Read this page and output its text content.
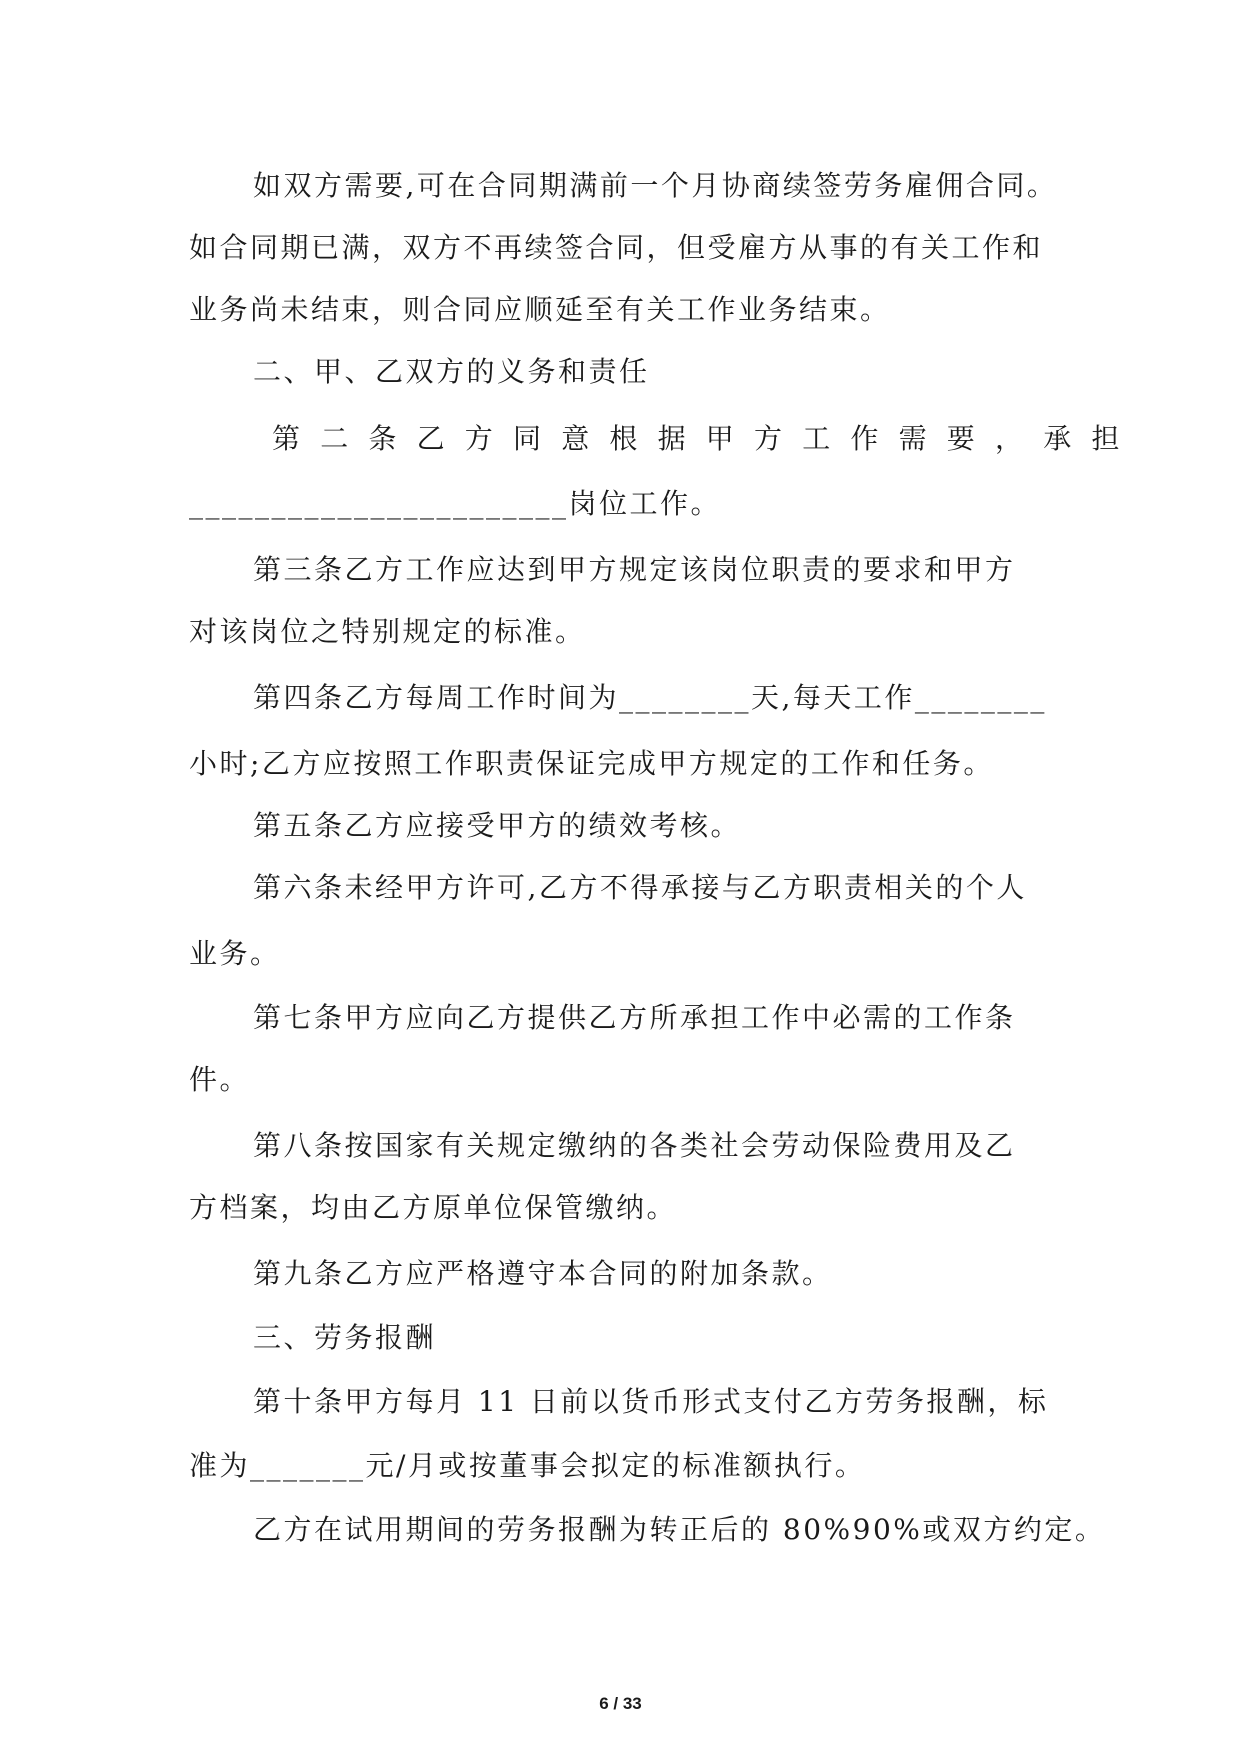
如双方需要,可在合同期满前一个月协商续签劳务雇佣合同。
如合同期已满，双方不再续签合同，但受雇方从事的有关工作和
业务尚未结束，则合同应顺延至有关工作业务结束。
二、甲、乙双方的义务和责任
第二条乙方同意根据甲方工作需要，承担
_______________________岗位工作。
第三条乙方工作应达到甲方规定该岗位职责的要求和甲方
对该岗位之特别规定的标准。
第四条乙方每周工作时间为________天,每天工作________
小时;乙方应按照工作职责保证完成甲方规定的工作和任务。
第五条乙方应接受甲方的绩效考核。
第六条未经甲方许可,乙方不得承接与乙方职责相关的个人
业务。
第七条甲方应向乙方提供乙方所承担工作中必需的工作条
件。
第八条按国家有关规定缴纳的各类社会劳动保险费用及乙
方档案，均由乙方原单位保管缴纳。
第九条乙方应严格遵守本合同的附加条款。
三、劳务报酬
第十条甲方每月 11 日前以货币形式支付乙方劳务报酬，标
准为_______元/月或按董事会拟定的标准额执行。
乙方在试用期间的劳务报酬为转正后的 80%90%或双方约定。
6 / 33
